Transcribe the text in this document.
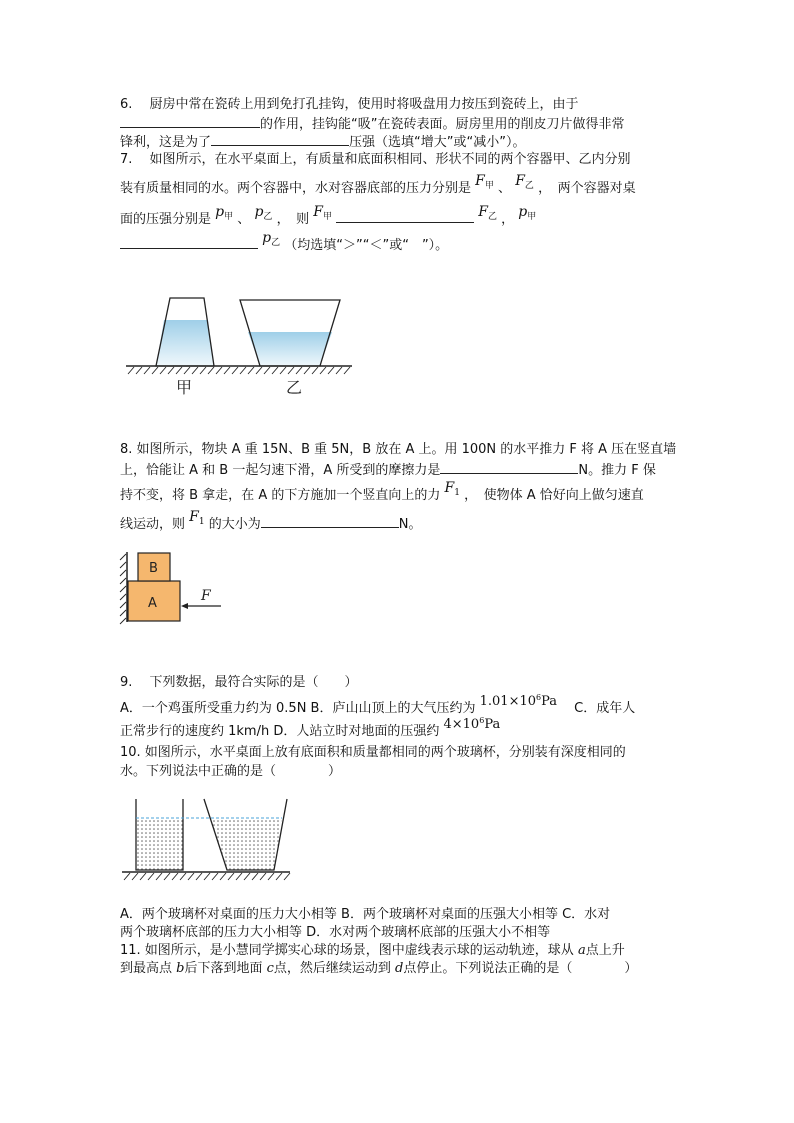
6.　 厨房中常在瓷砖上用到免打孔挂钩，使用时将吸盘用力按压到瓷砖上，由于
的作用，挂钩能“吸”在瓷砖表面。厨房里用的削皮刀片做得非常
锋利，这是为了	压强（选填“增大”或“减小”）。
7.　 如图所示，在水平桌面上，有质量和底面积相同、形状不同的两个容器甲、乙内分别
装有质量相同的水。两个容器中，水对容器底部的压力分别是 $F_甲$ 、 $F_乙$ ，　两个容器对桌
面的压强分别是 $p_甲$ 、 $p_乙$ ，　则 $F_甲$	$F_乙$ ， $p_甲$
$p_乙$ （均选填“＞”“＜”或“　”）。
甲	乙
8. 如图所示，物块 A 重 15N、B 重 5N，B 放在 A 上。用 100N 的水平推力 F 将 A 压在竖直墙
上，恰能让 A 和 B 一起匀速下滑，A 所受到的摩擦力是	N。推力 F 保
持不变，将 B 拿走，在 A 的下方施加一个竖直向上的力 $F_1$ ，　使物体 A 恰好向上做匀速直
线运动，则 $F_1$ 的大小为	N。
A
B
F
9.　 下列数据，最符合实际的是（　　）
A．一个鸡蛋所受重力约为 0.5N B．庐山山顶上的大气压约为 $1.01\times 10^6Pa$ 　C．成年人
正常步行的速度约 1km/h D．人站立时对地面的压强约 $4\times 10^6Pa$
10. 如图所示，水平桌面上放有底面积和质量都相同的两个玻璃杯，分别装有深度相同的
水。下列说法中正确的是（　　　　）
A．两个玻璃杯对桌面的压力大小相等 B．两个玻璃杯对桌面的压强大小相等 C．水对
两个玻璃杯底部的压力大小相等 D．水对两个玻璃杯底部的压强大小不相等
11. 如图所示，是小慧同学掷实心球的场景，图中虚线表示球的运动轨迹，球从 a点上升
到最高点 b后下落到地面 c点，然后继续运动到 d点停止。下列说法正确的是（　　　　）
